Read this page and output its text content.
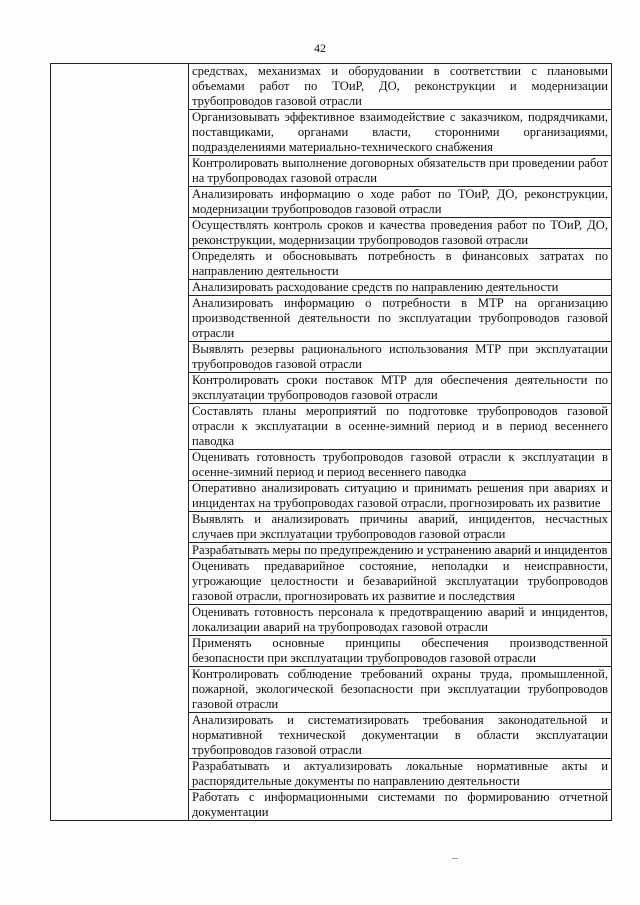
42
	средствах, механизмах и оборудовании в соответствии с плановыми объемами работ по ТОиР, ДО, реконструкции и модернизации трубопроводов газовой отрасли
Организовывать эффективное взаимодействие с заказчиком, подрядчиками, поставщиками, органами власти, сторонними организациями, подразделениями материально-технического снабжения
Контролировать выполнение договорных обязательств при проведении работ на трубопроводах газовой отрасли
Анализировать информацию о ходе работ по ТОиР, ДО, реконструкции, модернизации трубопроводов газовой отрасли
Осуществлять контроль сроков и качества проведения работ по ТОиР, ДО, реконструкции, модернизации трубопроводов газовой отрасли
Определять и обосновывать потребность в финансовых затратах по направлению деятельности
Анализировать расходование средств по направлению деятельности
Анализировать информацию о потребности в МТР на организацию производственной деятельности по эксплуатации трубопроводов газовой отрасли
Выявлять резервы рационального использования МТР при эксплуатации трубопроводов газовой отрасли
Контролировать сроки поставок МТР для обеспечения деятельности по эксплуатации трубопроводов газовой отрасли
Составлять планы мероприятий по подготовке трубопроводов газовой отрасли к эксплуатации в осенне-зимний период и в период весеннего паводка
Оценивать готовность трубопроводов газовой отрасли к эксплуатации в осенне-зимний период и период весеннего паводка
Оперативно анализировать ситуацию и принимать решения при авариях и инцидентах на трубопроводах газовой отрасли, прогнозировать их развитие
Выявлять и анализировать причины аварий, инцидентов, несчастных случаев при эксплуатации трубопроводов газовой отрасли
Разрабатывать меры по предупреждению и устранению аварий и инцидентов
Оценивать предаварийное состояние, неполадки и неисправности, угрожающие целостности и безаварийной эксплуатации трубопроводов газовой отрасли, прогнозировать их развитие и последствия
Оценивать готовность персонала к предотвращению аварий и инцидентов, локализации аварий на трубопроводах газовой отрасли
Применять основные принципы обеспечения производственной безопасности при эксплуатации трубопроводов газовой отрасли
Контролировать соблюдение требований охраны труда, промышленной, пожарной, экологической безопасности при эксплуатации трубопроводов газовой отрасли
Анализировать и систематизировать требования законодательной и нормативной технической документации в области эксплуатации трубопроводов газовой отрасли
Разрабатывать и актуализировать локальные нормативные акты и распорядительные документы по направлению деятельности
Работать с информационными системами по формированию отчетной документации
